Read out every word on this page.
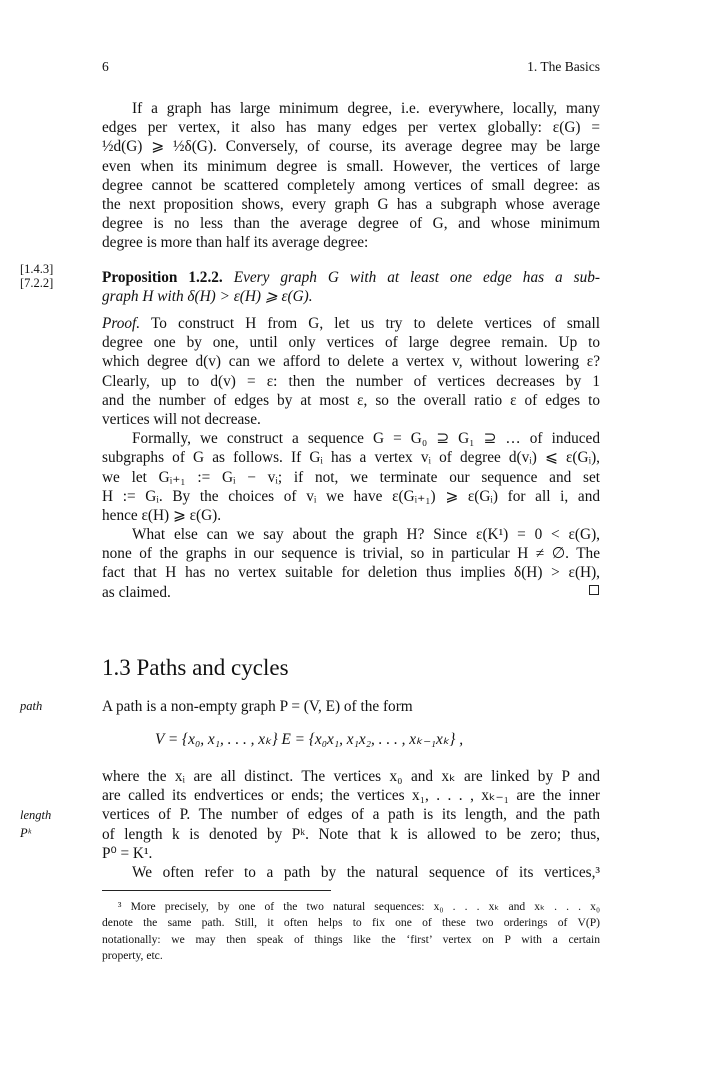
6	1. The Basics
If a graph has large minimum degree, i.e. everywhere, locally, many
edges per vertex, it also has many edges per vertex globally: ε(G) =
½d(G) ⩾ ½δ(G). Conversely, of course, its average degree may be large
even when its minimum degree is small. However, the vertices of large
degree cannot be scattered completely among vertices of small degree: as
the next proposition shows, every graph G has a subgraph whose average
degree is no less than the average degree of G, and whose minimum
degree is more than half its average degree:
[1.4.3]
[7.2.2]	Proposition 1.2.2. Every graph G with at least one edge has a sub-
graph H with δ(H) > ε(H) ⩾ ε(G).
Proof. To construct H from G, let us try to delete vertices of small
degree one by one, until only vertices of large degree remain. Up to
which degree d(v) can we afford to delete a vertex v, without lowering ε?
Clearly, up to d(v) = ε: then the number of vertices decreases by 1
and the number of edges by at most ε, so the overall ratio ε of edges to
vertices will not decrease.
Formally, we construct a sequence G = G₀ ⊇ G₁ ⊇ … of induced
subgraphs of G as follows. If Gᵢ has a vertex vᵢ of degree d(vᵢ) ⩽ ε(Gᵢ),
we let Gᵢ₊₁ := Gᵢ − vᵢ; if not, we terminate our sequence and set
H := Gᵢ. By the choices of vᵢ we have ε(Gᵢ₊₁) ⩾ ε(Gᵢ) for all i, and
hence ε(H) ⩾ ε(G).
What else can we say about the graph H? Since ε(K¹) = 0 < ε(G),
none of the graphs in our sequence is trivial, so in particular H ≠ ∅. The
fact that H has no vertex suitable for deletion thus implies δ(H) > ε(H),
as claimed.
1.3 Paths and cycles
path
length
Pᵏ
A path is a non-empty graph P = (V, E) of the form
V = {x₀, x₁, . . . , xₖ} E = {x₀x₁, x₁x₂, . . . , xₖ₋₁xₖ} ,
where the xᵢ are all distinct. The vertices x₀ and xₖ are linked by P and
are called its endvertices or ends; the vertices x₁, . . . , xₖ₋₁ are the inner
vertices of P. The number of edges of a path is its length, and the path
of length k is denoted by Pᵏ. Note that k is allowed to be zero; thus,
P⁰ = K¹.
We often refer to a path by the natural sequence of its vertices,³
³ More precisely, by one of the two natural sequences: x₀ . . . xₖ and xₖ . . . x₀
denote the same path. Still, it often helps to fix one of these two orderings of V(P)
notationally: we may then speak of things like the ‘first’ vertex on P with a certain
property, etc.
